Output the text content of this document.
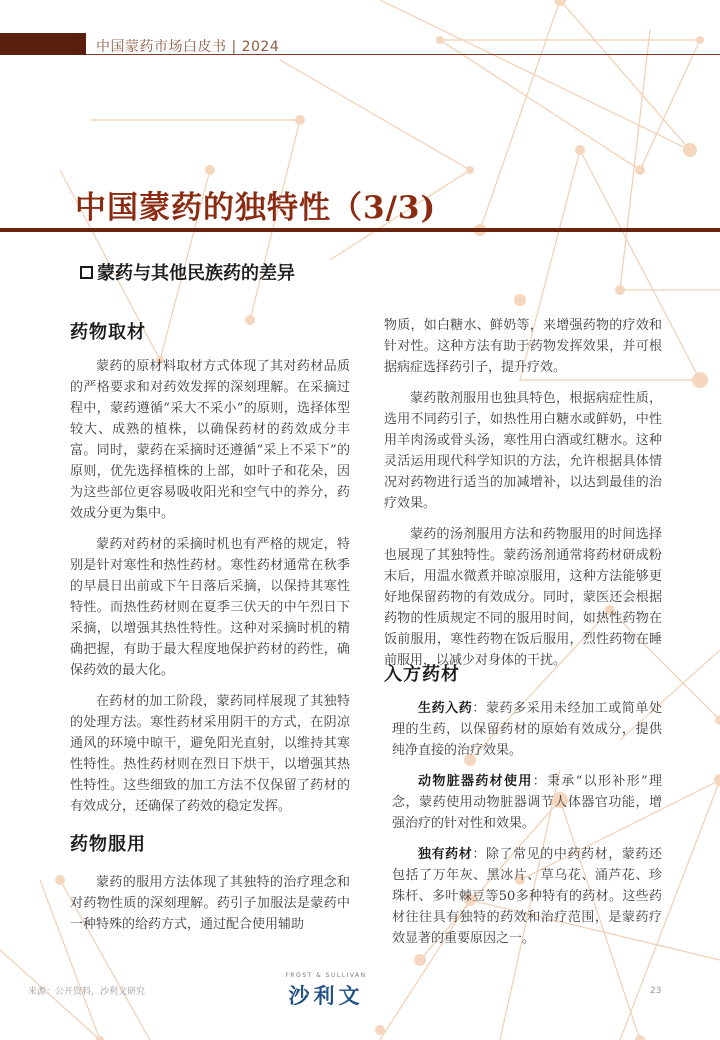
中国蒙药市场白皮书 | 2024
中国蒙药的独特性（3/3)
蒙药与其他民族药的差异
药物取材

蒙药的原材料取材方式体现了其对药材品质的严格要求和对药效发挥的深刻理解。在采摘过程中，蒙药遵循“采大不采小”的原则，选择体型较大、成熟的植株，以确保药材的药效成分丰富。同时，蒙药在采摘时还遵循“采上不采下”的原则，优先选择植株的上部，如叶子和花朵，因为这些部位更容易吸收阳光和空气中的养分，药效成分更为集中。

蒙药对药材的采摘时机也有严格的规定，特别是针对寒性和热性药材。寒性药材通常在秋季的早晨日出前或下午日落后采摘，以保持其寒性特性。而热性药材则在夏季三伏天的中午烈日下采摘，以增强其热性特性。这种对采摘时机的精确把握，有助于最大程度地保护药材的药性，确保药效的最大化。

在药材的加工阶段，蒙药同样展现了其独特的处理方法。寒性药材采用阴干的方式，在阴凉通风的环境中晾干，避免阳光直射，以维持其寒性特性。热性药材则在烈日下烘干，以增强其热性特性。这些细致的加工方法不仅保留了药材的有效成分，还确保了药效的稳定发挥。

药物服用

蒙药的服用方法体现了其独特的治疗理念和对药物性质的深刻理解。药引子加服法是蒙药中一种特殊的给药方式，通过配合使用辅助

物质，如白糖水、鲜奶等，来增强药物的疗效和针对性。这种方法有助于药物发挥效果，并可根据病症选择药引子，提升疗效。

蒙药散剂服用也独具特色，根据病症性质，选用不同药引子，如热性用白糖水或鲜奶，中性用羊肉汤或骨头汤，寒性用白酒或红糖水。这种灵活运用现代科学知识的方法，允许根据具体情况对药物进行适当的加减增补，以达到最佳的治疗效果。

蒙药的汤剂服用方法和药物服用的时间选择也展现了其独特性。蒙药汤剂通常将药材研成粉末后，用温水微煮并晾凉服用，这种方法能够更好地保留药物的有效成分。同时，蒙医还会根据药物的性质规定不同的服用时间，如热性药物在饭前服用，寒性药物在饭后服用，烈性药物在睡前服用，以减少对身体的干扰。

入方药材

生药入药：蒙药多采用未经加工或简单处理的生药，以保留药材的原始有效成分，提供纯净直接的治疗效果。

动物脏器药材使用：秉承“以形补形”理念，蒙药使用动物脏器调节人体器官功能，增强治疗的针对性和效果。

独有药材：除了常见的中药药材，蒙药还包括了万年灰、黑冰片、草乌花、涌芦花、珍珠杆、多叶棘豆等50多种特有的药材。这些药材往往具有独特的药效和治疗范围，是蒙药疗效显著的重要原因之一。

来源：公开资料，沙利文研究
FROST & SULLIVAN
沙利文	23
